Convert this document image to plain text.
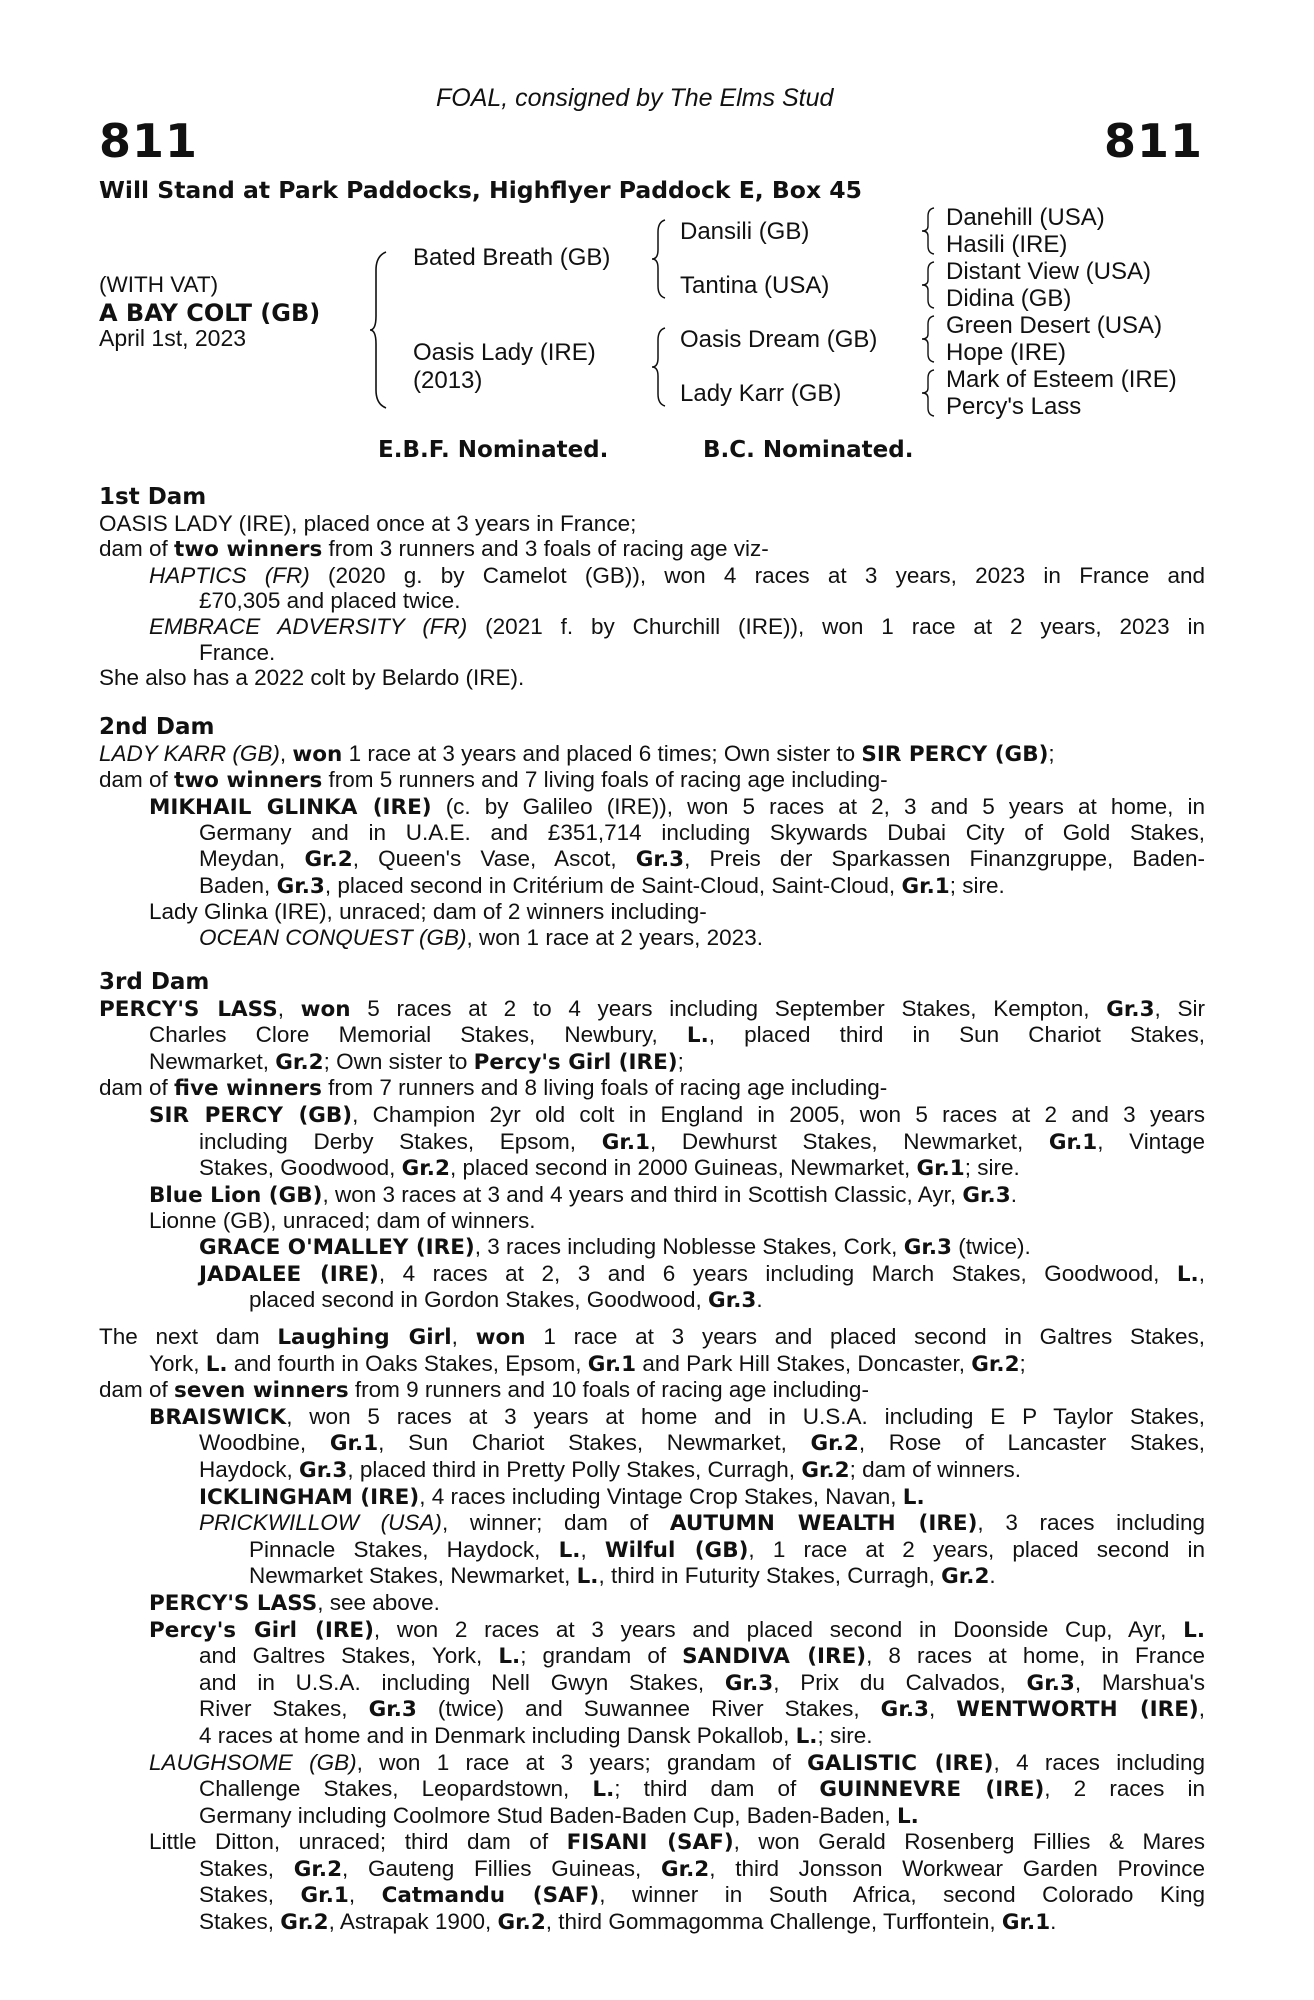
FOAL, consigned by The Elms Stud
811	811
Will Stand at Park Paddocks, Highflyer Paddock E, Box 45
(WITH VAT)
A BAY COLT (GB)
April 1st, 2023
Bated Breath (GB)
Oasis Lady (IRE)
(2013)
Dansili (GB)
Tantina (USA)
Oasis Dream (GB)
Lady Karr (GB)
Danehill (USA)
Hasili (IRE)
Distant View (USA)
Didina (GB)
Green Desert (USA)
Hope (IRE)
Mark of Esteem (IRE)
Percy's Lass
E.B.F. Nominated.	B.C. Nominated.
1st Dam
OASIS LADY (IRE), placed once at 3 years in France;
dam of two winners from 3 runners and 3 foals of racing age viz-
HAPTICS (FR) (2020 g. by Camelot (GB)), won 4 races at 3 years, 2023 in France and
£70,305 and placed twice.
EMBRACE ADVERSITY (FR) (2021 f. by Churchill (IRE)), won 1 race at 2 years, 2023 in
France.
She also has a 2022 colt by Belardo (IRE).
2nd Dam
LADY KARR (GB), won 1 race at 3 years and placed 6 times; Own sister to SIR PERCY (GB);
dam of two winners from 5 runners and 7 living foals of racing age including-
MIKHAIL GLINKA (IRE) (c. by Galileo (IRE)), won 5 races at 2, 3 and 5 years at home, in
Germany and in U.A.E. and £351,714 including Skywards Dubai City of Gold Stakes,
Meydan, Gr.2, Queen's Vase, Ascot, Gr.3, Preis der Sparkassen Finanzgruppe, Baden-
Baden, Gr.3, placed second in Critérium de Saint-Cloud, Saint-Cloud, Gr.1; sire.
Lady Glinka (IRE), unraced; dam of 2 winners including-
OCEAN CONQUEST (GB), won 1 race at 2 years, 2023.
3rd Dam
PERCY'S LASS, won 5 races at 2 to 4 years including September Stakes, Kempton, Gr.3, Sir
Charles Clore Memorial Stakes, Newbury, L., placed third in Sun Chariot Stakes,
Newmarket, Gr.2; Own sister to Percy's Girl (IRE);
dam of five winners from 7 runners and 8 living foals of racing age including-
SIR PERCY (GB), Champion 2yr old colt in England in 2005, won 5 races at 2 and 3 years
including Derby Stakes, Epsom, Gr.1, Dewhurst Stakes, Newmarket, Gr.1, Vintage
Stakes, Goodwood, Gr.2, placed second in 2000 Guineas, Newmarket, Gr.1; sire.
Blue Lion (GB), won 3 races at 3 and 4 years and third in Scottish Classic, Ayr, Gr.3.
Lionne (GB), unraced; dam of winners.
GRACE O'MALLEY (IRE), 3 races including Noblesse Stakes, Cork, Gr.3 (twice).
JADALEE (IRE), 4 races at 2, 3 and 6 years including March Stakes, Goodwood, L.,
placed second in Gordon Stakes, Goodwood, Gr.3.
The next dam Laughing Girl, won 1 race at 3 years and placed second in Galtres Stakes,
York, L. and fourth in Oaks Stakes, Epsom, Gr.1 and Park Hill Stakes, Doncaster, Gr.2;
dam of seven winners from 9 runners and 10 foals of racing age including-
BRAISWICK, won 5 races at 3 years at home and in U.S.A. including E P Taylor Stakes,
Woodbine, Gr.1, Sun Chariot Stakes, Newmarket, Gr.2, Rose of Lancaster Stakes,
Haydock, Gr.3, placed third in Pretty Polly Stakes, Curragh, Gr.2; dam of winners.
ICKLINGHAM (IRE), 4 races including Vintage Crop Stakes, Navan, L.
PRICKWILLOW (USA), winner; dam of AUTUMN WEALTH (IRE), 3 races including
Pinnacle Stakes, Haydock, L., Wilful (GB), 1 race at 2 years, placed second in
Newmarket Stakes, Newmarket, L., third in Futurity Stakes, Curragh, Gr.2.
PERCY'S LASS, see above.
Percy's Girl (IRE), won 2 races at 3 years and placed second in Doonside Cup, Ayr, L.
and Galtres Stakes, York, L.; grandam of SANDIVA (IRE), 8 races at home, in France
and in U.S.A. including Nell Gwyn Stakes, Gr.3, Prix du Calvados, Gr.3, Marshua's
River Stakes, Gr.3 (twice) and Suwannee River Stakes, Gr.3, WENTWORTH (IRE),
4 races at home and in Denmark including Dansk Pokallob, L.; sire.
LAUGHSOME (GB), won 1 race at 3 years; grandam of GALISTIC (IRE), 4 races including
Challenge Stakes, Leopardstown, L.; third dam of GUINNEVRE (IRE), 2 races in
Germany including Coolmore Stud Baden-Baden Cup, Baden-Baden, L.
Little Ditton, unraced; third dam of FISANI (SAF), won Gerald Rosenberg Fillies & Mares
Stakes, Gr.2, Gauteng Fillies Guineas, Gr.2, third Jonsson Workwear Garden Province
Stakes, Gr.1, Catmandu (SAF), winner in South Africa, second Colorado King
Stakes, Gr.2, Astrapak 1900, Gr.2, third Gommagomma Challenge, Turffontein, Gr.1.
